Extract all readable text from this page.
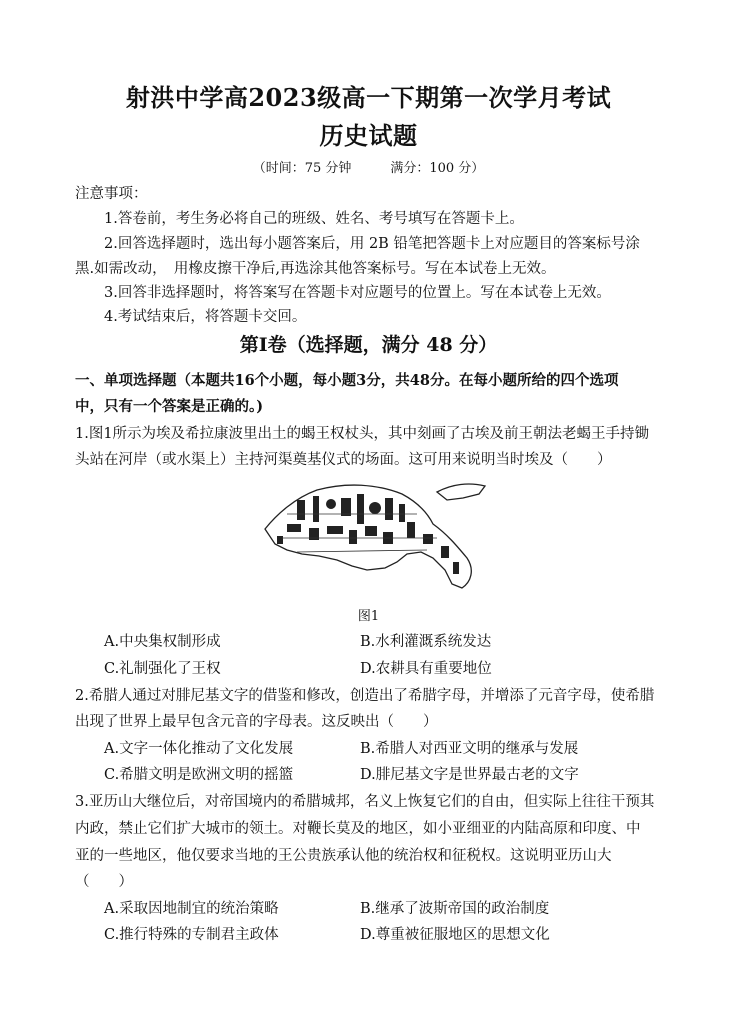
射洪中学高2023级高一下期第一次学月考试
历史试题
（时间：75 分钟　　　满分：100 分）
注意事项：
1.答卷前，考生务必将自己的班级、姓名、考号填写在答题卡上。
2.回答选择题时，选出每小题答案后，用 2B 铅笔把答题卡上对应题目的答案标号涂
黑.如需改动，　用橡皮擦干净后,再选涂其他答案标号。写在本试卷上无效。
3.回答非选择题时，将答案写在答题卡对应题号的位置上。写在本试卷上无效。
4.考试结束后，将答题卡交回。
第Ⅰ卷（选择题，满分 48 分）
一、单项选择题（本题共16个小题，每小题3分，共48分。在每小题所给的四个选项
中，只有一个答案是正确的。)
1.图1所示为埃及希拉康波里出土的蝎王权杖头，其中刻画了古埃及前王朝法老蝎王手持锄
头站在河岸（或水渠上）主持河渠奠基仪式的场面。这可用来说明当时埃及（　　）
图1
A.中央集权制形成	B.水利灌溉系统发达
C.礼制强化了王权	D.农耕具有重要地位
2.希腊人通过对腓尼基文字的借鉴和修改，创造出了希腊字母，并增添了元音字母，使希腊
出现了世界上最早包含元音的字母表。这反映出（　　）
A.文字一体化推动了文化发展	B.希腊人对西亚文明的继承与发展
C.希腊文明是欧洲文明的摇篮	D.腓尼基文字是世界最古老的文字
3.亚历山大继位后，对帝国境内的希腊城邦，名义上恢复它们的自由，但实际上往往干预其
内政，禁止它们扩大城市的领土。对鞭长莫及的地区，如小亚细亚的内陆高原和印度、中
亚的一些地区，他仅要求当地的王公贵族承认他的统治权和征税权。这说明亚历山大
（　　）
A.采取因地制宜的统治策略	B.继承了波斯帝国的政治制度
C.推行特殊的专制君主政体	D.尊重被征服地区的思想文化
